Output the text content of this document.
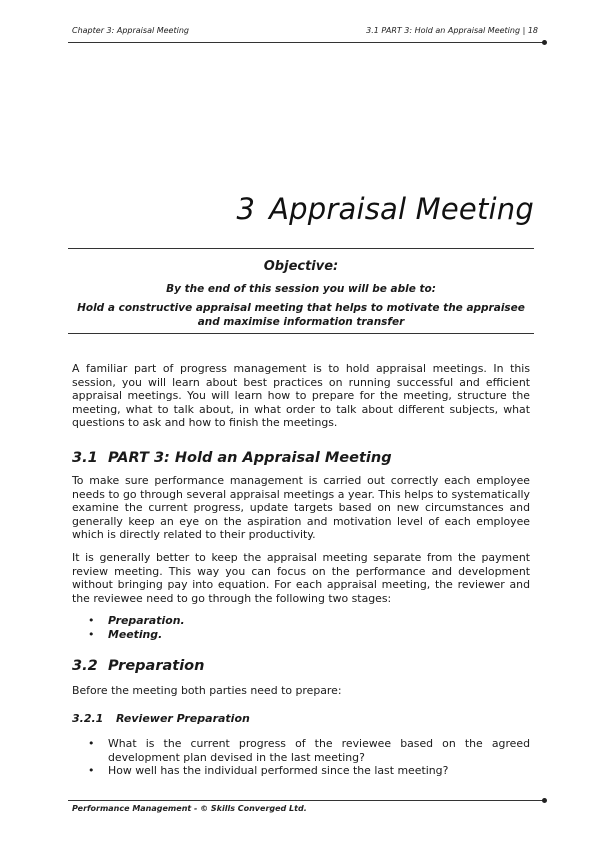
Chapter 3: Appraisal Meeting	3.1 PART 3: Hold an Appraisal Meeting | 18
3 Appraisal Meeting
Objective:
By the end of this session you will be able to:
Hold a constructive appraisal meeting that helps to motivate the appraisee
and maximise information transfer
A familiar part of progress management is to hold appraisal meetings. In this session, you will learn about best practices on running successful and efficient appraisal meetings. You will learn how to prepare for the meeting, structure the meeting, what to talk about, in what order to talk about different subjects, what questions to ask and how to finish the meetings.
3.1 PART 3: Hold an Appraisal Meeting
To make sure performance management is carried out correctly each employee needs to go through several appraisal meetings a year. This helps to systematically examine the current progress, update targets based on new circumstances and generally keep an eye on the aspiration and motivation level of each employee which is directly related to their productivity.
It is generally better to keep the appraisal meeting separate from the payment review meeting. This way you can focus on the performance and development without bringing pay into equation. For each appraisal meeting, the reviewer and the reviewee need to go through the following two stages:
• Preparation.
• Meeting.
3.2 Preparation
Before the meeting both parties need to prepare:
3.2.1 Reviewer Preparation
• What is the current progress of the reviewee based on the agreed development plan devised in the last meeting?
• How well has the individual performed since the last meeting?
Performance Management - © Skills Converged Ltd.
